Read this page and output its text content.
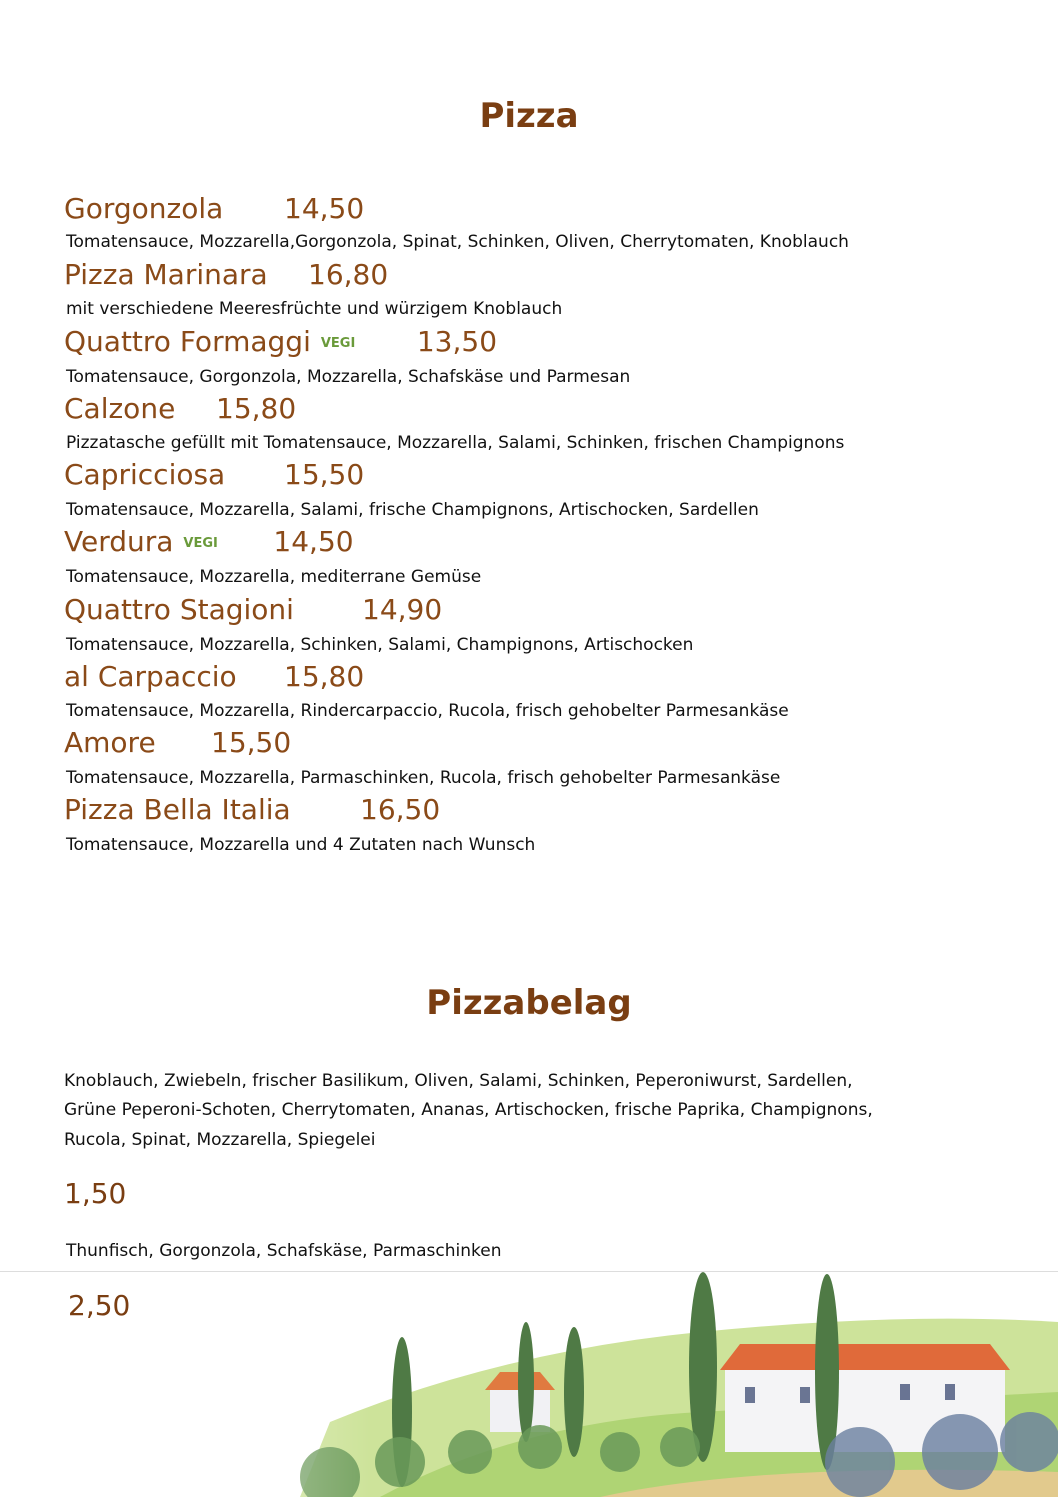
Pizza
Gorgonzola 14,50
Tomatensauce, Mozzarella,Gorgonzola, Spinat, Schinken, Oliven, Cherrytomaten, Knoblauch
Pizza Marinara 16,80
mit verschiedene Meeresfrüchte und würzigem Knoblauch
Quattro Formaggi VEGI 13,50
Tomatensauce, Gorgonzola, Mozzarella, Schafskäse und Parmesan
Calzone 15,80
Pizzatasche gefüllt mit Tomatensauce, Mozzarella, Salami, Schinken, frischen Champignons
Capricciosa 15,50
Tomatensauce, Mozzarella, Salami, frische Champignons, Artischocken, Sardellen
Verdura VEGI 14,50
Tomatensauce, Mozzarella, mediterrane Gemüse
Quattro Stagioni 14,90
Tomatensauce, Mozzarella, Schinken, Salami, Champignons, Artischocken
al Carpaccio 15,80
Tomatensauce, Mozzarella, Rindercarpaccio, Rucola, frisch gehobelter Parmesankäse
Amore 15,50
Tomatensauce, Mozzarella, Parmaschinken, Rucola, frisch gehobelter Parmesankäse
Pizza Bella Italia 16,50
Tomatensauce, Mozzarella und 4 Zutaten nach Wunsch
Pizzabelag
Knoblauch, Zwiebeln, frischer Basilikum, Oliven, Salami, Schinken, Peperoniwurst, Sardellen,
Grüne Peperoni-Schoten, Cherrytomaten, Ananas, Artischocken, frische Paprika, Champignons,
Rucola, Spinat, Mozzarella, Spiegelei
1,50
Thunfisch, Gorgonzola, Schafskäse, Parmaschinken
2,50
